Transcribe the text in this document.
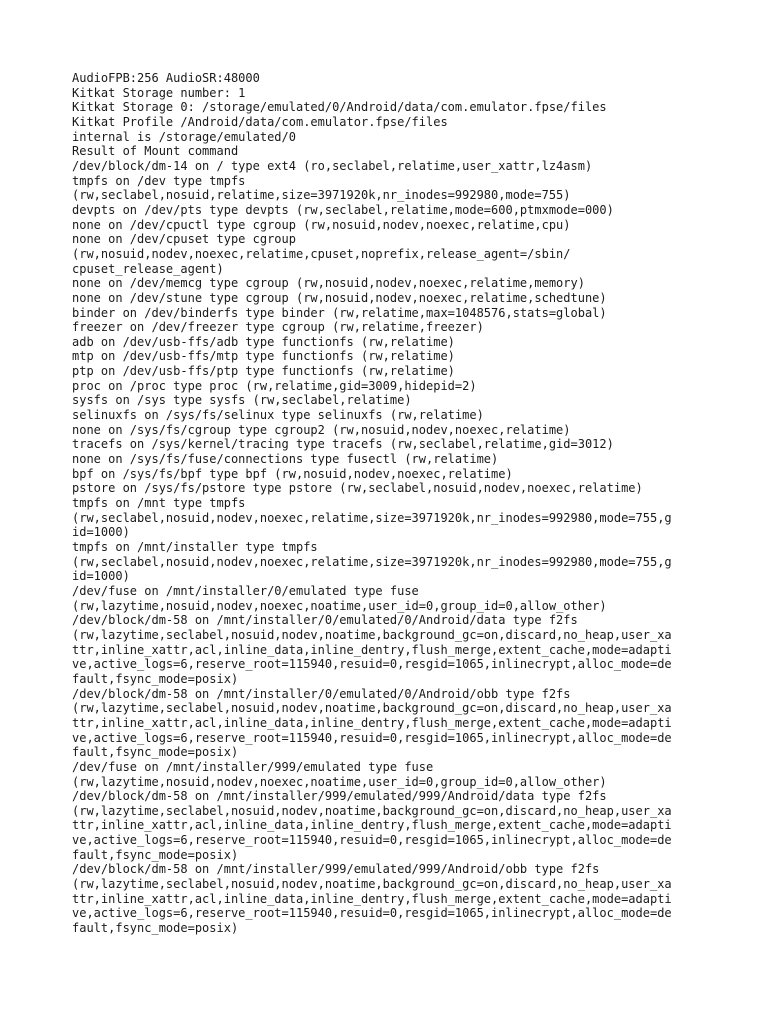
AudioFPB:256 AudioSR:48000
Kitkat Storage number: 1
Kitkat Storage 0: /storage/emulated/0/Android/data/com.emulator.fpse/files
Kitkat Profile /Android/data/com.emulator.fpse/files
internal is /storage/emulated/0
Result of Mount command
/dev/block/dm-14 on / type ext4 (ro,seclabel,relatime,user_xattr,lz4asm)
tmpfs on /dev type tmpfs
(rw,seclabel,nosuid,relatime,size=3971920k,nr_inodes=992980,mode=755)
devpts on /dev/pts type devpts (rw,seclabel,relatime,mode=600,ptmxmode=000)
none on /dev/cpuctl type cgroup (rw,nosuid,nodev,noexec,relatime,cpu)
none on /dev/cpuset type cgroup
(rw,nosuid,nodev,noexec,relatime,cpuset,noprefix,release_agent=/sbin/
cpuset_release_agent)
none on /dev/memcg type cgroup (rw,nosuid,nodev,noexec,relatime,memory)
none on /dev/stune type cgroup (rw,nosuid,nodev,noexec,relatime,schedtune)
binder on /dev/binderfs type binder (rw,relatime,max=1048576,stats=global)
freezer on /dev/freezer type cgroup (rw,relatime,freezer)
adb on /dev/usb-ffs/adb type functionfs (rw,relatime)
mtp on /dev/usb-ffs/mtp type functionfs (rw,relatime)
ptp on /dev/usb-ffs/ptp type functionfs (rw,relatime)
proc on /proc type proc (rw,relatime,gid=3009,hidepid=2)
sysfs on /sys type sysfs (rw,seclabel,relatime)
selinuxfs on /sys/fs/selinux type selinuxfs (rw,relatime)
none on /sys/fs/cgroup type cgroup2 (rw,nosuid,nodev,noexec,relatime)
tracefs on /sys/kernel/tracing type tracefs (rw,seclabel,relatime,gid=3012)
none on /sys/fs/fuse/connections type fusectl (rw,relatime)
bpf on /sys/fs/bpf type bpf (rw,nosuid,nodev,noexec,relatime)
pstore on /sys/fs/pstore type pstore (rw,seclabel,nosuid,nodev,noexec,relatime)
tmpfs on /mnt type tmpfs
(rw,seclabel,nosuid,nodev,noexec,relatime,size=3971920k,nr_inodes=992980,mode=755,g
id=1000)
tmpfs on /mnt/installer type tmpfs
(rw,seclabel,nosuid,nodev,noexec,relatime,size=3971920k,nr_inodes=992980,mode=755,g
id=1000)
/dev/fuse on /mnt/installer/0/emulated type fuse
(rw,lazytime,nosuid,nodev,noexec,noatime,user_id=0,group_id=0,allow_other)
/dev/block/dm-58 on /mnt/installer/0/emulated/0/Android/data type f2fs
(rw,lazytime,seclabel,nosuid,nodev,noatime,background_gc=on,discard,no_heap,user_xa
ttr,inline_xattr,acl,inline_data,inline_dentry,flush_merge,extent_cache,mode=adapti
ve,active_logs=6,reserve_root=115940,resuid=0,resgid=1065,inlinecrypt,alloc_mode=de
fault,fsync_mode=posix)
/dev/block/dm-58 on /mnt/installer/0/emulated/0/Android/obb type f2fs
(rw,lazytime,seclabel,nosuid,nodev,noatime,background_gc=on,discard,no_heap,user_xa
ttr,inline_xattr,acl,inline_data,inline_dentry,flush_merge,extent_cache,mode=adapti
ve,active_logs=6,reserve_root=115940,resuid=0,resgid=1065,inlinecrypt,alloc_mode=de
fault,fsync_mode=posix)
/dev/fuse on /mnt/installer/999/emulated type fuse
(rw,lazytime,nosuid,nodev,noexec,noatime,user_id=0,group_id=0,allow_other)
/dev/block/dm-58 on /mnt/installer/999/emulated/999/Android/data type f2fs
(rw,lazytime,seclabel,nosuid,nodev,noatime,background_gc=on,discard,no_heap,user_xa
ttr,inline_xattr,acl,inline_data,inline_dentry,flush_merge,extent_cache,mode=adapti
ve,active_logs=6,reserve_root=115940,resuid=0,resgid=1065,inlinecrypt,alloc_mode=de
fault,fsync_mode=posix)
/dev/block/dm-58 on /mnt/installer/999/emulated/999/Android/obb type f2fs
(rw,lazytime,seclabel,nosuid,nodev,noatime,background_gc=on,discard,no_heap,user_xa
ttr,inline_xattr,acl,inline_data,inline_dentry,flush_merge,extent_cache,mode=adapti
ve,active_logs=6,reserve_root=115940,resuid=0,resgid=1065,inlinecrypt,alloc_mode=de
fault,fsync_mode=posix)
